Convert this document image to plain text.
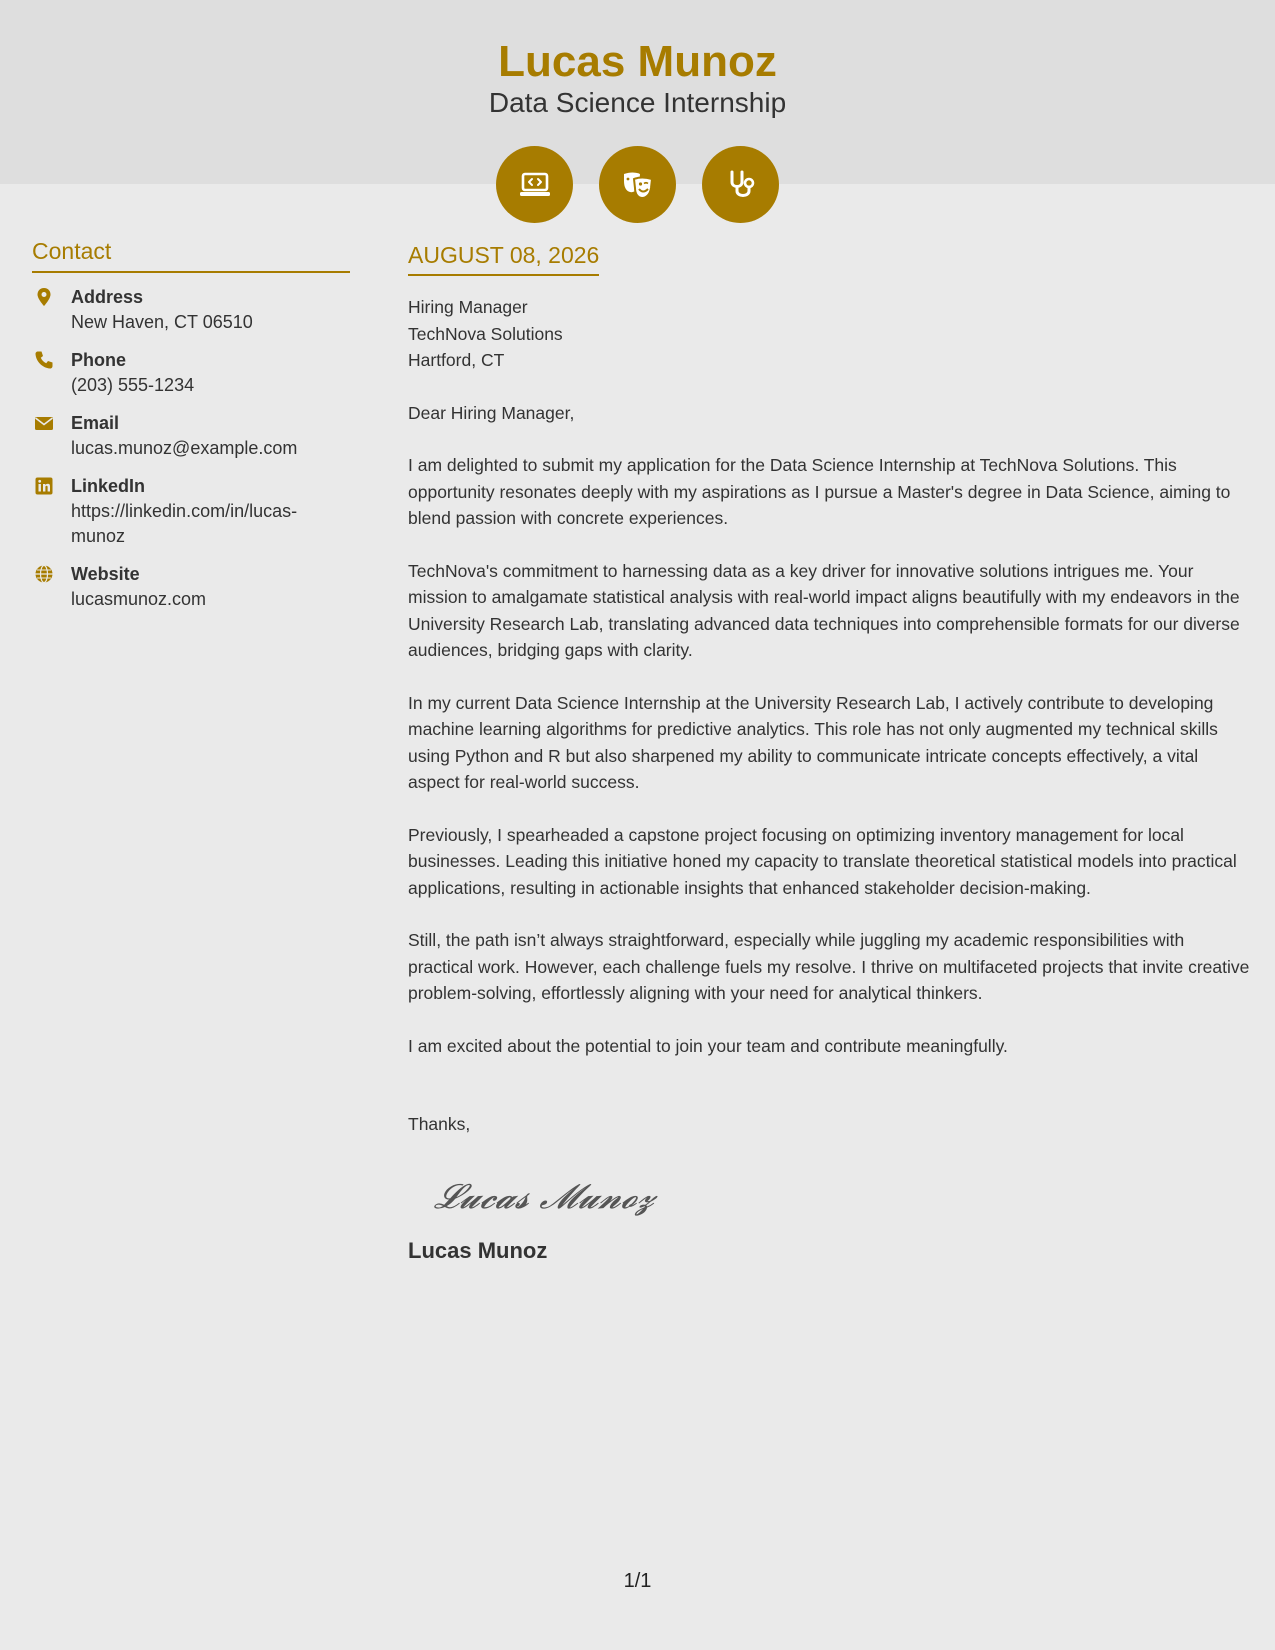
Lucas Munoz
Data Science Internship
Contact
Address
New Haven, CT 06510
Phone
(203) 555-1234
Email
lucas.munoz@example.com
LinkedIn
https://linkedin.com/in/lucas-munoz
Website
lucasmunoz.com
AUGUST 08, 2026
Hiring Manager
TechNova Solutions
Hartford, CT
Dear Hiring Manager,
I am delighted to submit my application for the Data Science Internship at TechNova Solutions. This opportunity resonates deeply with my aspirations as I pursue a Master's degree in Data Science, aiming to blend passion with concrete experiences.
TechNova's commitment to harnessing data as a key driver for innovative solutions intrigues me. Your mission to amalgamate statistical analysis with real-world impact aligns beautifully with my endeavors in the University Research Lab, translating advanced data techniques into comprehensible formats for our diverse audiences, bridging gaps with clarity.
In my current Data Science Internship at the University Research Lab, I actively contribute to developing machine learning algorithms for predictive analytics. This role has not only augmented my technical skills using Python and R but also sharpened my ability to communicate intricate concepts effectively, a vital aspect for real-world success.
Previously, I spearheaded a capstone project focusing on optimizing inventory management for local businesses. Leading this initiative honed my capacity to translate theoretical statistical models into practical applications, resulting in actionable insights that enhanced stakeholder decision-making.
Still, the path isn’t always straightforward, especially while juggling my academic responsibilities with practical work. However, each challenge fuels my resolve. I thrive on multifaceted projects that invite creative problem-solving, effortlessly aligning with your need for analytical thinkers.
I am excited about the potential to join your team and contribute meaningfully.
Thanks,
𝓛𝓾𝓬𝓪𝓼 𝓜𝓾𝓷𝓸𝔃
Lucas Munoz
1/1
